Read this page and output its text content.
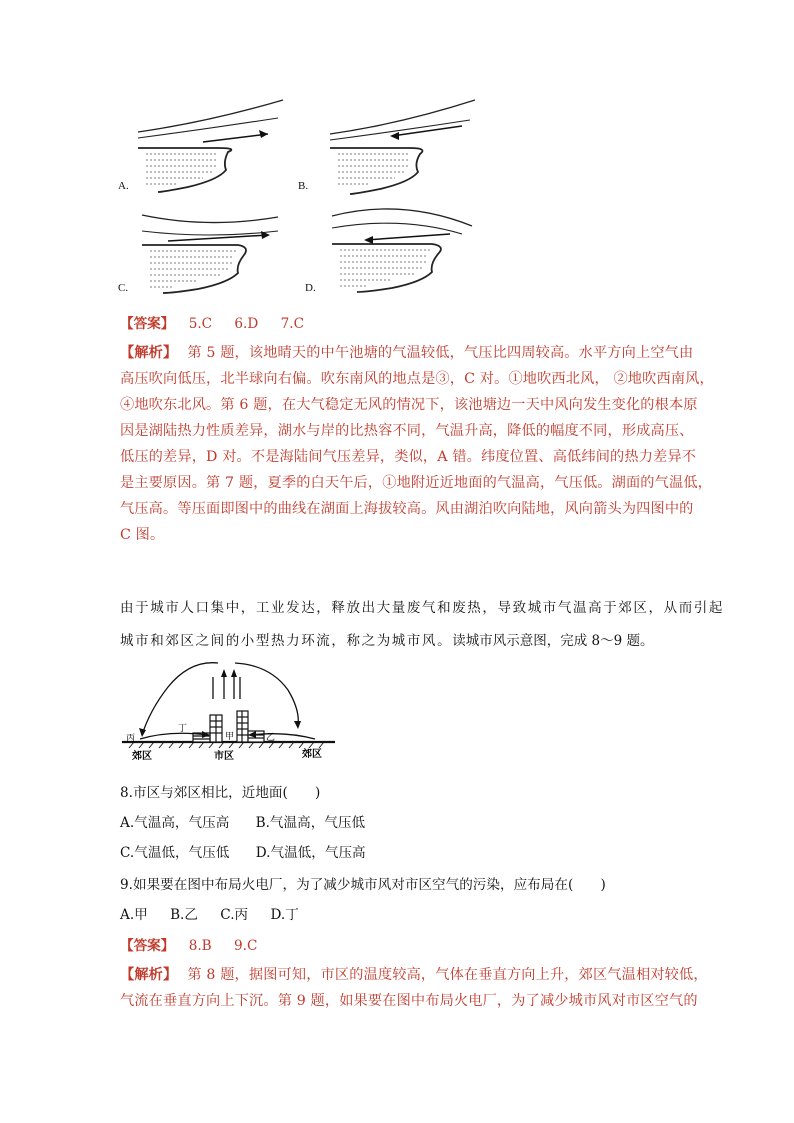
A.	B.
C.	D.
【答案】 5.C 6.D 7.C
【解析】 第 5 题，该地晴天的中午池塘的气温较低，气压比四周较高。水平方向上空气由
高压吹向低压，北半球向右偏。吹东南风的地点是③，C 对。①地吹西北风， ②地吹西南风，
④地吹东北风。第 6 题，在大气稳定无风的情况下，该池塘边一天中风向发生变化的根本原
因是湖陆热力性质差异，湖水与岸的比热容不同，气温升高，降低的幅度不同，形成高压、
低压的差异，D 对。不是海陆间气压差异，类似，A 错。纬度位置、高低纬间的热力差异不
是主要原因。第 7 题，夏季的白天午后，①地附近近地面的气温高，气压低。湖面的气温低，
气压高。等压面即图中的曲线在湖面上海拔较高。风由湖泊吹向陆地，风向箭头为四图中的
C 图。
由于城市人口集中，工业发达，释放出大量废气和废热，导致城市气温高于郊区，从而引起
城市和郊区之间的小型热力环流，称之为城市风。读城市风示意图，完成 8～9 题。
丙
丁
甲	乙
郊区	市区	郊区
8.市区与郊区相比，近地面(　　)
A.气温高，气压高 B.气温高，气压低
C.气温低，气压低 D.气温低，气压高
9.如果要在图中布局火电厂，为了减少城市风对市区空气的污染，应布局在(　　)
A.甲 B.乙 C.丙 D.丁
【答案】 8.B 9.C
【解析】 第 8 题，据图可知，市区的温度较高，气体在垂直方向上升，郊区气温相对较低，
气流在垂直方向上下沉。第 9 题，如果要在图中布局火电厂，为了减少城市风对市区空气的
